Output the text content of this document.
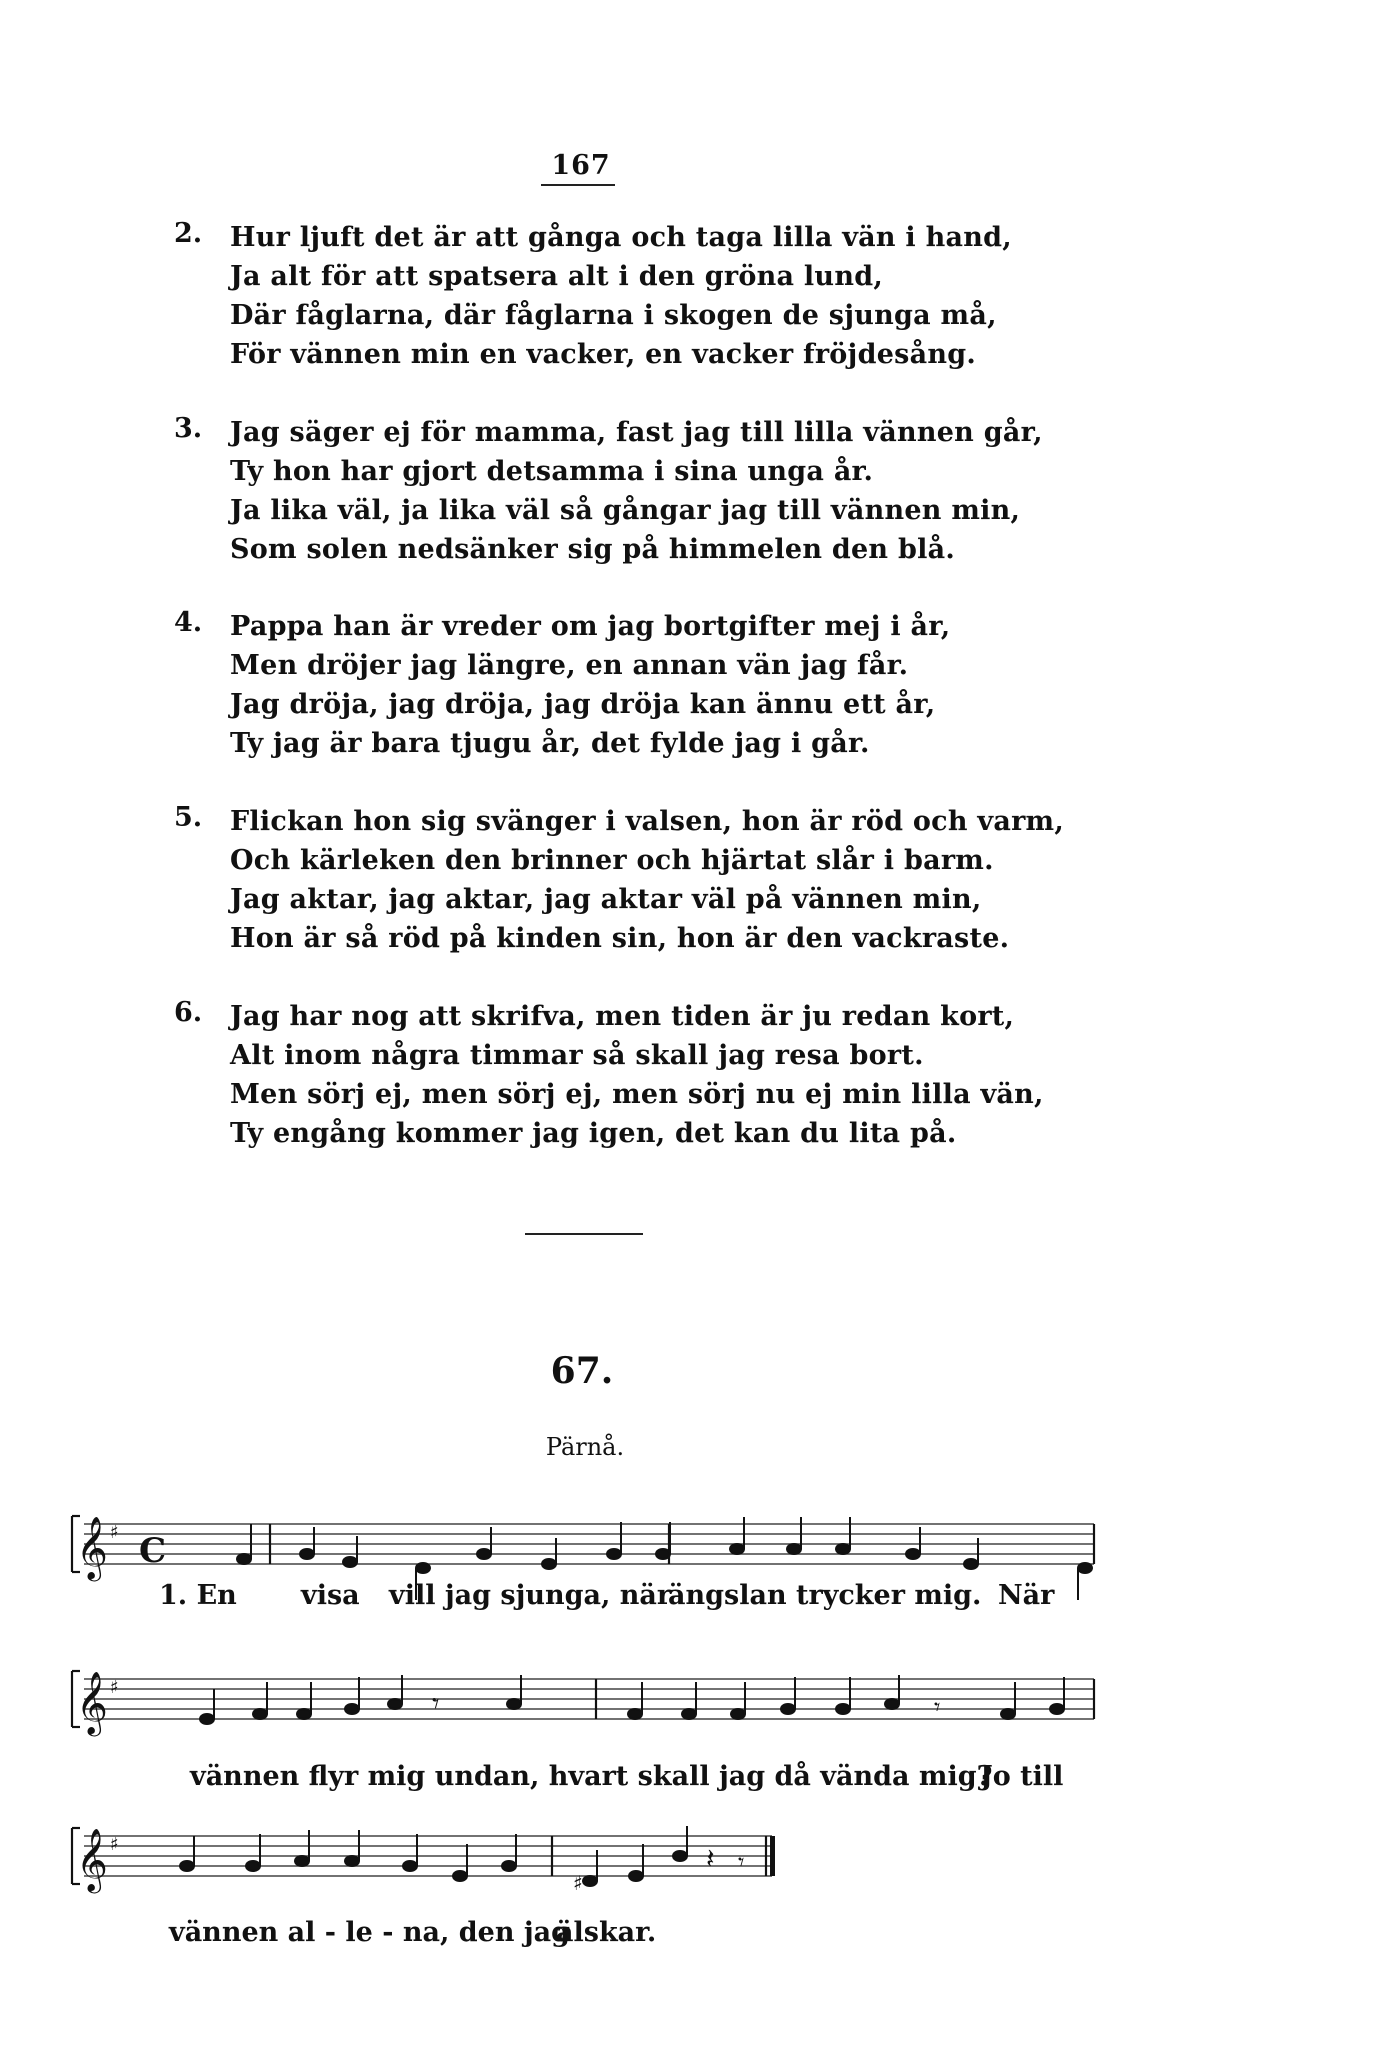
167
2.	Hur ljuft det är att gånga och taga lilla vän i hand,
Ja alt för att spatsera alt i den gröna lund,
Där fåglarna, där fåglarna i skogen de sjunga må,
För vännen min en vacker, en vacker fröjdesång.
3.	Jag säger ej för mamma, fast jag till lilla vännen går,
Ty hon har gjort detsamma i sina unga år.
Ja lika väl, ja lika väl så gångar jag till vännen min,
Som solen nedsänker sig på himmelen den blå.
4.	Pappa han är vreder om jag bortgifter mej i år,
Men dröjer jag längre, en annan vän jag får.
Jag dröja, jag dröja, jag dröja kan ännu ett år,
Ty jag är bara tjugu år, det fylde jag i går.
5.	Flickan hon sig svänger i valsen, hon är röd och varm,
Och kärleken den brinner och hjärtat slår i barm.
Jag aktar, jag aktar, jag aktar väl på vännen min,
Hon är så röd på kinden sin, hon är den vackraste.
6.	Jag har nog att skrifva, men tiden är ju redan kort,
Alt inom några timmar så skall jag resa bort.
Men sörj ej, men sörj ej, men sörj nu ej min lilla vän,
Ty engång kommer jag igen, det kan du lita på.
67.
Pärnå.
𝄞 ♯ C
1. En visa vill jag sjunga, när
ängslan trycker mig. När
𝄞 ♯	𝄾	𝄾
vännen flyr mig undan, hvart skall jag då vända mig?
Jo till
𝄞 ♯
♯
𝄽 𝄾
vännen al - le - na, den jag
älskar.
